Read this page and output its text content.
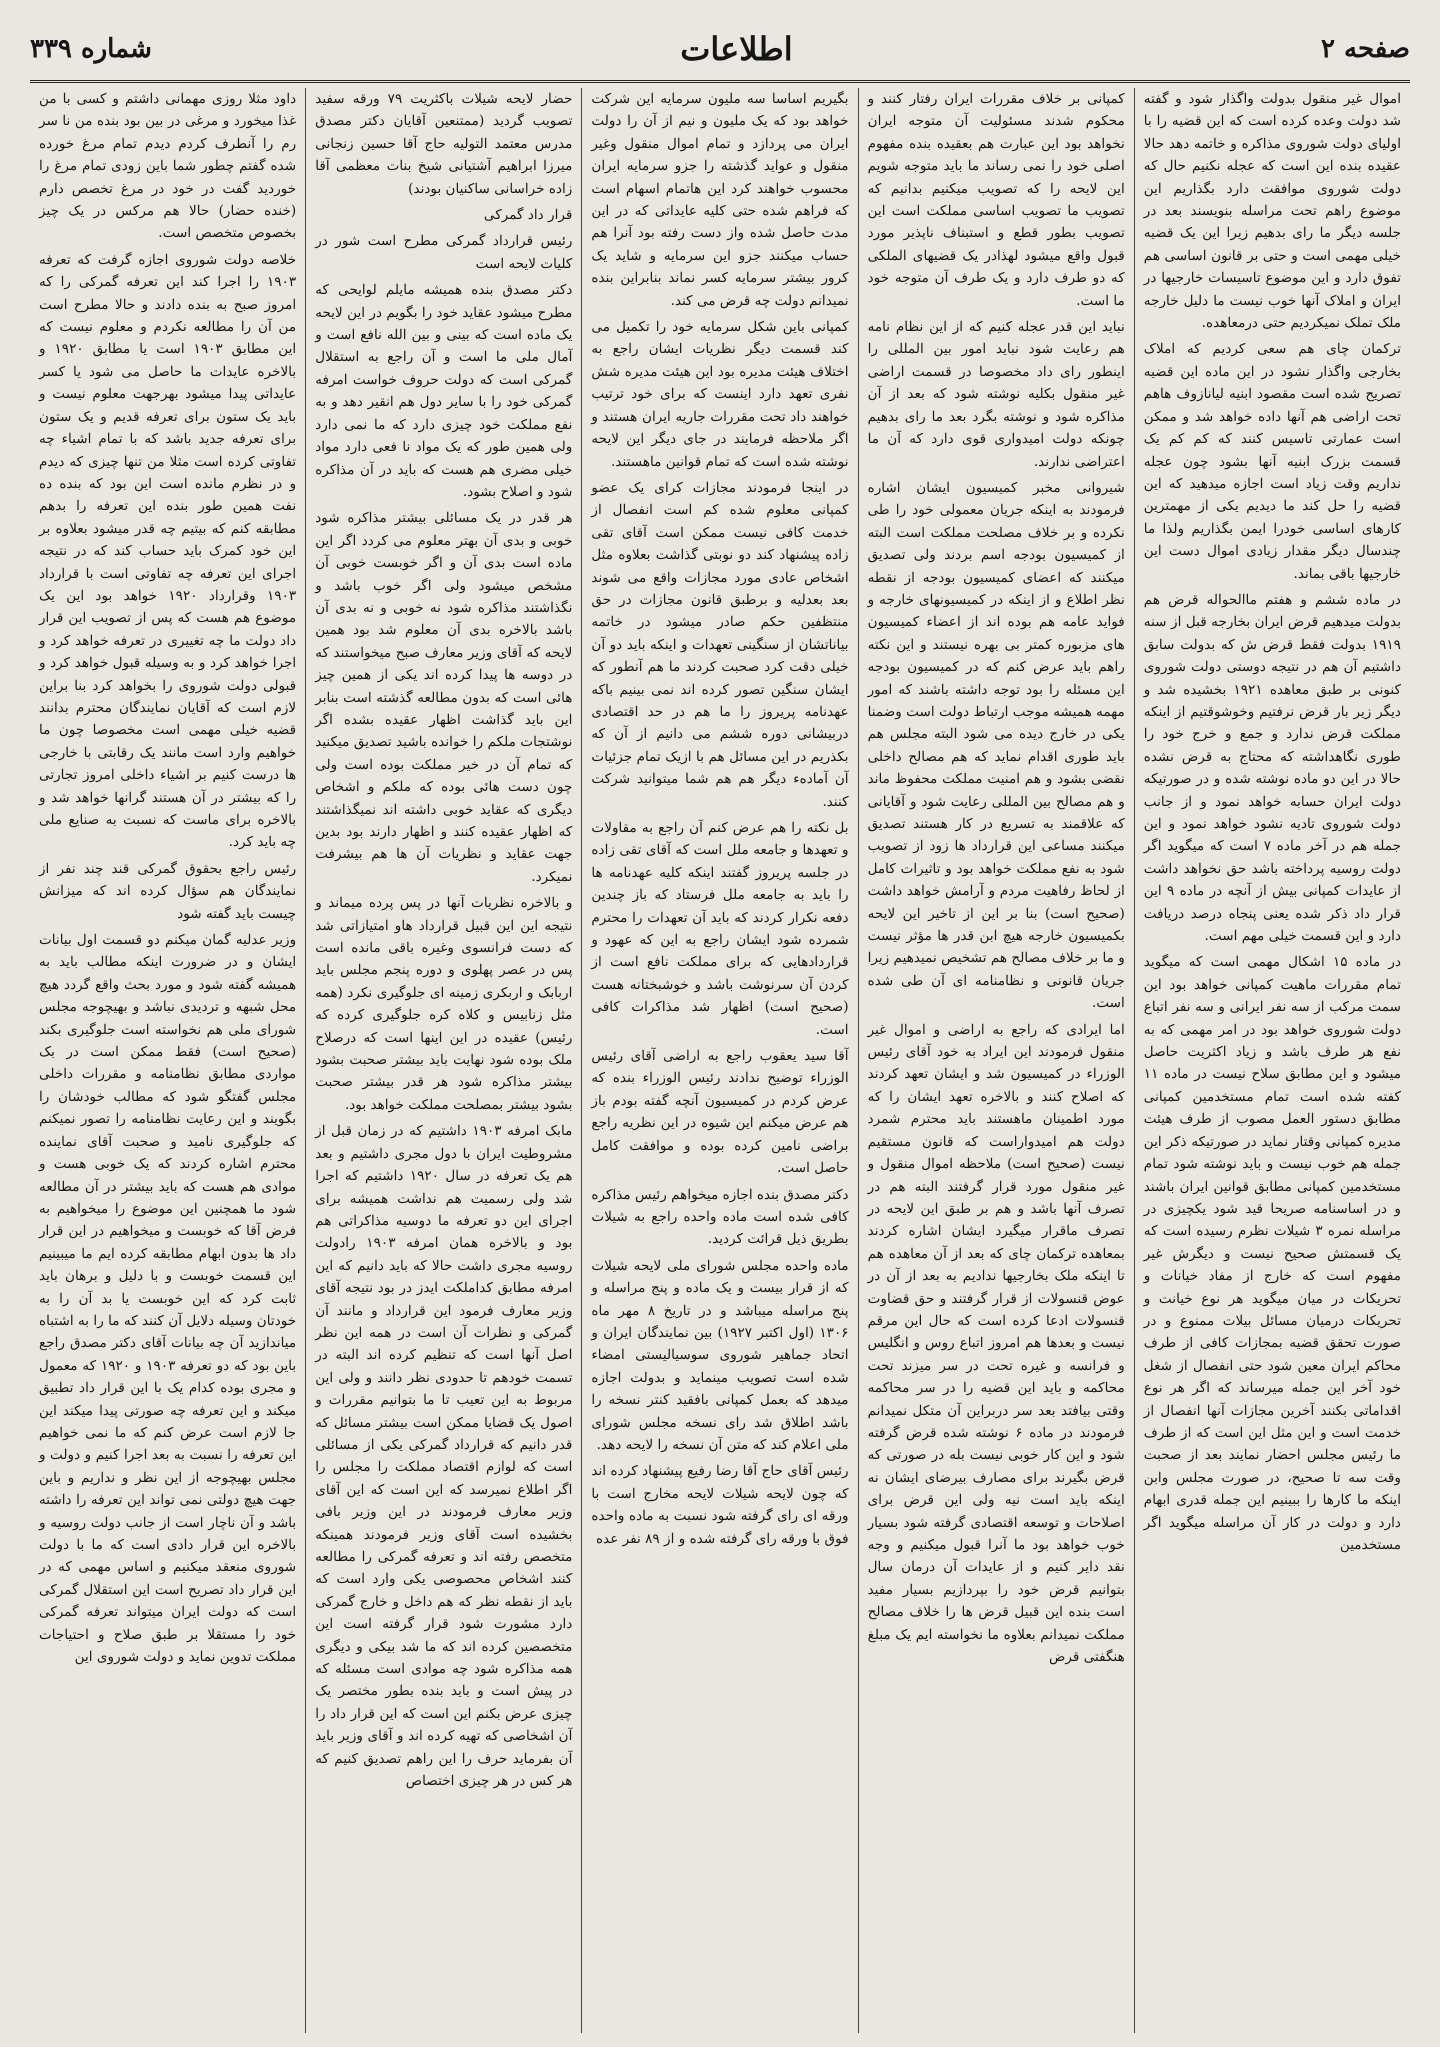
صفحه ۲
اطلاعات
شماره ۳۳۹

اموال غیر منقول بدولت واگذار شود و گفته شد دولت وعده کرده است که این قضیه را با اولیای دولت شوروی مذاکره و خاتمه دهد حالا عقیده بنده این است که عجله نکنیم حال که دولت شوروی موافقت دارد بگذاریم این موضوع راهم تحت مراسله بنویسند بعد در جلسه دیگر ما رای بدهیم زیرا این یک قضیه خیلی مهمی است و حتی بر قانون اساسی هم تفوق دارد و این موضوع تاسیسات خارجیها در ایران و املاک آنها خوب نیست ما دلیل خارجه ملک تملک نمیکردیم حتی درمعاهده.

ترکمان چای هم سعی کردیم که املاک بخارجی واگذار نشود در این ماده این قضیه تصریح شده است مقصود ابنیه لیانازوف هاهم تحت اراضی هم آنها داده خواهد شد و ممکن است عمارتی تاسیس کنند که کم کم یک قسمت بزرک ابنیه آنها بشود چون عجله نداریم وقت زیاد است اجازه میدهید که این قضیه را حل کند ما دیدیم یکی از مهمترین کارهای اساسی خودرا ایمن بگذاریم ولذا ما چندسال دیگر مقدار زیادی اموال دست این خارجیها باقی بماند.

در ماده ششم و هفتم ماالحواله قرض هم بدولت میدهیم قرض ایران بخارجه قبل از سنه ۱۹۱۹ بدولت فقط قرض ش که بدولت سابق داشتیم آن هم در نتیجه دوستی دولت شوروی کنونی بر طبق معاهده ۱۹۲۱ بخشیده شد و دیگر زیر بار قرض نرفتیم وخوشوقتیم از اینکه مملکت قرض ندارد و جمع و خرج خود را طوری نگاهداشته که محتاج به قرض نشده حالا در این دو ماده نوشته شده و در صورتیکه دولت ایران حسابه خواهد نمود و از جانب دولت شوروی تادیه نشود خواهد نمود و این جمله هم در آخر ماده ۷ است که میگوید اگر دولت روسیه پرداخته باشد حق نخواهد داشت از عایدات کمپانی بیش از آنچه در ماده ۹ این قرار داد ذکر شده یعنی پنجاه درصد دریافت دارد و این قسمت خیلی مهم است.

در ماده ۱۵ اشکال مهمی است که میگوید تمام مقررات ماهیت کمپانی خواهد بود این سمت مرکب از سه نفر ایرانی و سه نفر اتباع دولت شوروی خواهد بود در امر مهمی که به نفع هر طرف باشد و زیاد اکثریت حاصل میشود و این مطابق سلاح نیست در ماده ۱۱ کفته شده است تمام مستخدمین کمپانی مطابق دستور العمل مصوب از طرف هیئت مدیره کمپانی وقتار نماید در صورتیکه ذکر این جمله هم خوب نیست و باید نوشته شود تمام مستخدمین کمپانی مطابق قوانین ایران باشند و در اساسنامه صریحا قید شود یکچیزی در مراسله نمره ۳ شیلات نظرم رسیده است که یک قسمتش صحیح نیست و دیگرش غیر مفهوم است که خارج از مفاد خیانات و تحریکات در میان میگوید هر نوع خیانت و تحریکات درمیان مسائل بیلات ممنوع و در صورت تحقق قضیه بمجازات کافی از طرف محاکم ایران معین شود حتی انفصال از شغل خود آخر این جمله میرساند که اگر هر نوع اقداماتی بکنند آخرین مجازات آنها انفصال از خدمت است و این مثل این است که از طرف ما رئیس مجلس احضار نمایند بعد از صحبت وقت سه تا صحیح، در صورت مجلس وابن اینکه ما کارها را ببینیم این جمله قدری ابهام دارد و دولت در کار آن مراسله میگوید اگر مستخدمین

کمپانی بر خلاف مقررات ایران رفتار کنند و محکوم شدند مسئولیت آن متوجه ایران نخواهد بود این عبارت هم بعقیده بنده مفهوم اصلی خود را نمی رساند ما باید متوجه شویم این لایحه را که تصویب میکنیم بدانیم که تصویب ما تصویب اساسی مملکت است این تصویب بطور قطع و استبناف ناپذیر مورد قبول واقع میشود لهذادر یک قضیهای الملکی که دو طرف دارد و یک طرف آن متوجه خود ما است.

نباید این قدر عجله کنیم که از این نظام نامه هم رعایت شود نباید امور بین المللی را اینطور رای داد مخصوصا در قسمت اراضی غیر منقول بکلیه نوشته شود که بعد از آن مذاکره شود و نوشته بگرد بعد ما رای بدهیم چونکه دولت امیدواری قوی دارد که آن ما اعتراضی ندارند.

شیروانی مخبر کمیسیون ایشان اشاره فرمودند به اینکه جریان معمولی خود را طی نکرده و بر خلاف مصلحت مملکت است البته از کمیسیون بودجه اسم بردند ولی تصدیق میکنند که اعضای کمیسیون بودجه از نقطه نظر اطلاع و از اینکه در کمیسیونهای خارجه و فواید عامه هم بوده اند از اعضاء کمیسیون های مزبوره کمتر بی بهره نیستند و این نکته راهم باید عرض کنم که در کمیسیون بودجه این مسئله را بود توجه داشته باشند که امور مهمه همیشه موجب ارتباط دولت است وضمنا یکی در خارج دیده می شود البته مجلس هم باید طوری اقدام نماید که هم مصالح داخلی نقضی بشود و هم امنیت مملکت محفوظ ماند و هم مصالح بین المللی رعایت شود و آقایانی که علاقمند به تسریع در کار هستند تصدیق میکنند مساعی این قرارداد ها زود از تصویب شود به نفع مملکت خواهد بود و تاثیرات کامل از لحاظ رفاهیت مردم و آرامش خواهد داشت (صحیح است) بنا بر این از تاخیر این لایحه بکمیسیون خارجه هیچ ابن قدر ها مؤثر نیست و ما بر خلاف مصالح هم تشخیص نمیدهیم زیرا جریان قانونی و نظامنامه ای آن طی شده است.

اما ایرادی که راجع به اراضی و اموال غیر منقول فرمودند این ایراد به خود آقای رئیس الوزراء در کمیسیون شد و ایشان تعهد کردند که اصلاح کنند و بالاخره تعهد ایشان را که مورد اطمینان ماهستند باید محترم شمرد دولت هم امیدواراست که قانون مستقیم نیست (صحیح است) ملاحظه اموال منقول و غیر منقول مورد قرار گرفتند البته هم در تصرف آنها باشد و هم بر طبق این لایحه در تصرف ماقرار میگیرد ایشان اشاره کردند بمعاهده ترکمان چای که بعد از آن معاهده هم تا اینکه ملک بخارجیها ندادیم به بعد از آن در عوض قنسولات از قرار گرفتند و حق قضاوت قنسولات ادعا کرده است که حال این مرقم نیست و بعدها هم امروز اتباع روس و انگلیس و فرانسه و غیره تحت در سر میزند تحت محاکمه و باید این قضیه را در سر محاکمه وقتی بیافتد بعد سر دربراین آن متکل نمیدانم فرمودند در ماده ۶ نوشته شده قرض گرفته شود و این کار خوبی نیست بله در صورتی که قرض بگیرند برای مصارف بیرضای ایشان نه اینکه باید است نیه ولی این قرض برای اصلاحات و توسعه اقتصادی گرفته شود بسیار خوب خواهد بود ما آنرا قبول میکنیم و وجه نقد دایر کنیم و از عایدات آن درمان سال بتوانیم قرض خود را بپردازیم بسیار مفید است بنده این قبیل قرض ها را خلاف مصالح مملکت نمیدانم بعلاوه ما نخواسته ایم یک مبلغ هنگفتی قرض

بگیریم اساسا سه ملیون سرمایه این شرکت خواهد بود که یک ملیون و نیم از آن را دولت ایران می پردازد و تمام اموال منقول وغیر منقول و عواید گذشته را جزو سرمایه ایران محسوب خواهند کرد این هاتمام اسهام است که فراهم شده حتی کلیه عایداتی که در این مدت حاصل شده واز دست رفته بود آنرا هم حساب میکنند جزو این سرمایه و شاید یک کرور بیشتر سرمایه کسر نماند بنابراین بنده نمیدانم دولت چه قرض می کند.

کمپانی باین شکل سرمایه خود را تکمیل می کند قسمت دیگر نظریات ایشان راجع به اختلاف هیئت مدیره بود این هیئت مدیره شش نفری تعهد دارد اینست که برای خود ترتیب خواهند داد تحت مقررات جاریه ایران هستند و اگر ملاحظه فرمایند در جای دیگر این لایحه نوشته شده است که تمام قوانین ماهستند.

در اینجا فرمودند مجازات کرای یک عضو کمپانی معلوم شده کم است انفصال از خدمت کافی نیست ممکن است آقای تقی زاده پیشنهاد کند دو نوبتی گذاشت بعلاوه مثل اشخاص عادی مورد مجازات واقع می شوند بعد بعدلیه و برطبق قانون مجازات در حق منتظفین حکم صادر میشود در خاتمه بیاناتشان از سنگینی تعهدات و اینکه باید دو آن خیلی دقت کرد صحبت کردند ما هم آنطور که ایشان سنگین تصور کرده اند نمی بینیم باکه عهدنامه پریروز را ما هم در حد اقتصادی دربیشانی دوره ششم می دانیم از آن که بکذریم در این مسائل هم با ازیک تمام جزئیات آن آمادهء دیگر هم هم شما میتوانید شرکت کنند.

بل نکته را هم عرض کنم آن راجع به مقاولات و تعهدها و جامعه ملل است که آقای تقی زاده در جلسه پریروز گفتند اینکه کلیه عهدنامه ها را باید به جامعه ملل فرستاد که باز چندین دفعه نکرار کردند که باید آن تعهدات را محترم شمرده شود ایشان راجع به این که عهود و قراردادهایی که برای مملکت نافع است از کردن آن سرنوشت باشد و خوشبختانه هست (صحیح است) اظهار شد مذاکرات کافی است.

آقا سید یعقوب راجع به اراضی آقای رئیس الوزراء توضیح ندادند رئیس الوزراء بنده که عرض کردم در کمیسیون آنچه گفته بودم باز هم عرض میکنم این شیوه در این نظریه راجع براضی نامین کرده بوده و موافقت کامل حاصل است.

دکتر مصدق بنده اجازه میخواهم رئیس مذاکره کافی شده است ماده واحده راجع به شیلات بطریق ذیل قرائت کردید.

ماده واحده مجلس شورای ملی لایحه شیلات که از قرار بیست و یک ماده و پنج مراسله و پنج مراسله میباشد و در تاریخ ۸ مهر ماه ۱۳۰۶ (اول اکتبر ۱۹۲۷) بین نمایندگان ایران و اتحاد جماهیر شوروی سوسیالیستی امضاء شده است تصویب مینماید و بدولت اجازه میدهد که بعمل کمپانی بافقید کنتر نسخه را باشد اطلاق شد رای نسخه مجلس شورای ملی اعلام کند که متن آن نسخه را لایحه دهد.

رئیس آقای حاج آقا رضا رفیع پیشنهاد کرده اند که چون لایحه شیلات لایحه مخارج است با ورقه ای رای گرفته شود نسبت به ماده واحده فوق با ورقه رای گرفته شده و از ۸۹ نفر عده

حضار لایحه شیلات باکثریت ۷۹ ورقه سفید تصویب گردید (ممتنعین آقایان دکتر مصدق مدرس معتمد التولیه حاج آقا حسین زنجانی میرزا ابراهیم آشتیانی شیخ بنات معظمی آقا زاده خراسانی ساکنیان بودند)

قرار داد گمرکی

رئیس قرارداد گمرکی مطرح است شور در کلیات لایحه است

دکتر مصدق بنده همیشه مایلم لوایحی که مطرح میشود عقاید خود را بگویم در این لایحه یک ماده است که بینی و بین الله نافع است و آمال ملی ما است و آن راجع به استقلال گمرکی است که دولت حروف خواست امرفه گمرکی خود را با سایر دول هم انقیر دهد و به نفع مملکت خود چیزی دارد که ما نمی دارد ولی همین طور که یک مواد نا فعی دارد مواد خیلی مضری هم هست که باید در آن مذاکره شود و اصلاح بشود.

هر قدر در یک مسائلی بیشتر مذاکره شود خوبی و بدی آن بهتر معلوم می کردد اگر این ماده است بدی آن و اگر خوبست خوبی آن مشخص میشود ولی اگر خوب باشد و نگذاشتند مذاکره شود نه خوبی و نه بدی آن باشد بالاخره بدی آن معلوم شد بود همین لایحه که آقای وزیر معارف صبح میخواستند که در دوسه ها پیدا کرده اند یکی از همین چیز هائی است که بدون مطالعه گذشته است بنابر این باید گذاشت اظهار عقیده بشده اگر نوشتجات ملکم را خوانده باشید تصدیق میکنید که تمام آن در خیر مملکت بوده است ولی چون دست هائی بوده که ملکم و اشخاص دیگری که عقاید خوبی داشته اند نمیگذاشتند که اظهار عقیده کنند و اظهار دارند بود بدین جهت عقاید و نظریات آن ها هم بیشرفت نمیکرد.

و بالاخره نظریات آنها در پس پرده میماند و نتیجه این این قبیل قرارداد هاو امتیازاتی شد که دست فرانسوی وغیره باقی مانده است پس در عصر پهلوی و دوره پنجم مجلس باید اربابک و اربکری زمینه ای جلوگیری نکرد (همه مثل زنابیس و کلاه کره جلوگیری کرده که رئیس) عقیده در این اینها است که درصلاح ملک بوده شود نهایت باید بیشتر صحبت بشود بیشتر مذاکره شود هر قدر بیشتر صحبت بشود بیشتر بمصلحت مملکت خواهد بود.

مابک امرفه ۱۹۰۳ داشتیم که در زمان قبل از مشروطیت ایران با دول مجری داشتیم و بعد هم یک تعرفه در سال ۱۹۲۰ داشتیم که اجرا شد ولی رسمیت هم نداشت همیشه برای اجرای این دو تعرفه ما دوسیه مذاکراتی هم بود و بالاخره همان امرفه ۱۹۰۳ رادولت روسیه مجری داشت حالا که باید دانیم که این امرفه مطابق کداملکت ایدز در بود نتیجه آقای وزیر معارف فرمود این قرارداد و مانند آن گمرکی و نظرات آن است در همه این نظر اصل آنها است که تنظیم کرده اند البته در تسمت خودهم تا حدودی نظر دانند و ولی این مربوط به این تعیب تا ما بتوانیم مقررات و اصول یک قضایا ممکن است بیشتر مسائل که قدر دانیم که قرارداد گمرکی یکی از مسائلی است که لوازم اقتصاد مملکت را مجلس را اگر اطلاع نمیرسد که این است که این آقای وزیر معارف فرمودند در این وزیر بافی بخشیده است آقای وزیر فرمودند همینکه متخصص رفته اند و تعرفه گمرکی را مطالعه کنند اشخاص محصوصی یکی وارد است که باید از نقطه نظر که هم داخل و خارج گمرکی دارد مشورت شود قرار گرفته است این متخصصین کرده اند که ما شد بیکی و دیگری همه مذاکره شود چه موادی است مسئله که در پیش است و باید بنده بطور مختصر یک چیزی عرض بکنم این است که این قرار داد را آن اشخاصی که تهیه کرده اند و آقای وزیر باید آن بفرماید حرف را این راهم تصدیق کنیم که هر کس در هر چیزی اختصاص

داود مثلا روزی مهمانی داشتم و کسی با من غذا میخورد و مرغی در بین بود بنده من نا سر رم را آنطرف کردم دیدم تمام مرغ خورده شده گفتم چطور شما باین زودی تمام مرغ را خوردید گفت در خود در مرغ تخصص دارم (خنده حضار) حالا هم مرکس در یک چیز بخصوص متخصص است.

خلاصه دولت شوروی اجازه گرفت که تعرفه ۱۹۰۳ را اجرا کند این تعرفه گمرکی را که امروز صبح به بنده دادند و حالا مطرح است من آن را مطالعه نکردم و معلوم نیست که این مطابق ۱۹۰۳ است یا مطابق ۱۹۲۰ و بالاخره عایدات ما حاصل می شود یا کسر عایداتی پیدا میشود بهرجهت معلوم نیست و باید یک ستون برای تعرفه قدیم و یک ستون برای تعرفه جدید باشد که با تمام اشیاء چه تفاوتی کرده است مثلا من تنها چیزی که دیدم و در نظرم مانده است این بود که بنده ده نفت همین طور بنده این تعرفه را بدهم مطابقه کنم که بیتیم چه قدر میشود بعلاوه بر این خود کمرک باید حساب کند که در نتیجه اجرای این تعرفه چه تفاوتی است با قرارداد ۱۹۰۳ وقرارداد ۱۹۲۰ خواهد بود این یک موضوع هم هست که پس از تصویب این قرار داد دولت ما چه تغییری در تعرفه خواهد کرد و اجرا خواهد کرد و به وسیله قبول خواهد کرد و قبولی دولت شوروی را بخواهد کرد بنا براین لازم است که آقایان نمایندگان محترم بدانند قضیه خیلی مهمی است مخصوصا چون ما خواهیم وارد است مانند یک رقابتی با خارجی ها درست کنیم بر اشیاء داخلی امروز تجارتی را که بیشتر در آن هستند گرانها خواهد شد و بالاخره برای ماست که نسبت به صنایع ملی چه باید کرد.

رئیس راجع بحقوق گمرکی قند چند نفر از نمایندگان هم سؤال کرده اند که میزانش چیست باید گفته شود

وزیر عدلیه گمان میکنم دو قسمت اول بیانات ایشان و در ضرورت اینکه مطالب باید به همیشه گفته شود و مورد بحث واقع گردد هیچ محل شبهه و تردیدی نباشد و بهیچوجه مجلس شورای ملی هم نخواسته است جلوگیری بکند (صحیح است) فقط ممکن است در بک مواردی مطابق نظامنامه و مقررات داخلی مجلس گفتگو شود که مطالب خودشان را بگویند و این رعایت نظامنامه را تصور نمیکنم که جلوگیری نامید و صحبت آقای نماینده محترم اشاره کردند که یک خوبی هست و موادی هم هست که باید بیشتر در آن مطالعه شود ما همچنین این موضوع را میخواهیم به فرض آقا که خوبست و میخواهیم در این قرار داد ها بدون ابهام مطابقه کرده ایم ما میبینیم این قسمت خوبست و با دلیل و برهان باید ثابت کرد که این خوبست یا بد آن را به خودتان وسیله دلایل آن کنند که ما را به اشتباه میاندازید آن چه بیانات آقای دکتر مصدق راجع باین بود که دو تعرفه ۱۹۰۳ و ۱۹۲۰ که معمول و مجری بوده کدام یک با این قرار داد تطبیق میکند و این تعرفه چه صورتی پیدا میکند این جا لازم است عرض کنم که ما نمی خواهیم این تعرفه را نسبت به بعد اجرا کنیم و دولت و مجلس بهیچوجه از این نظر و نداریم و باین جهت هیچ دولتی نمی تواند این تعرفه را داشته باشد و آن ناچار است از جانب دولت روسیه و بالاخره این قرار دادی است که ما با دولت شوروی منعقد میکنیم و اساس مهمی که در این قرار داد تصریح است این استقلال گمرکی است که دولت ایران میتواند تعرفه گمرکی خود را مستقلا بر طبق صلاح و احتیاجات مملکت تدوین نماید و دولت شوروی این
